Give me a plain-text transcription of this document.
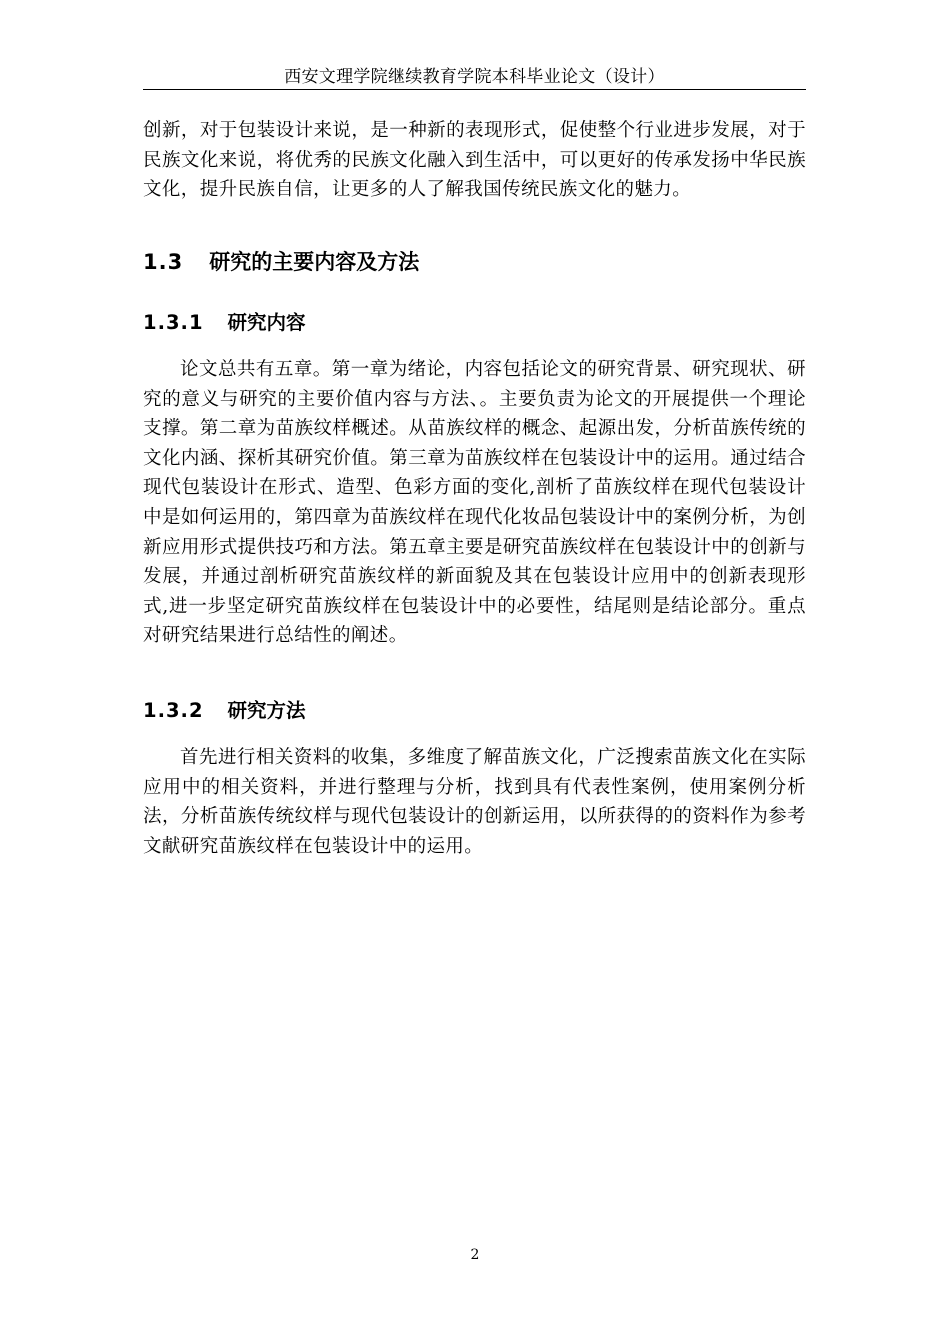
西安文理学院继续教育学院本科毕业论文（设计）

创新，对于包装设计来说，是一种新的表现形式，促使整个行业进步发展，对于民族文化来说，将优秀的民族文化融入到生活中，可以更好的传承发扬中华民族文化，提升民族自信，让更多的人了解我国传统民族文化的魅力。

1.3 研究的主要内容及方法
1.3.1 研究内容

论文总共有五章。第一章为绪论，内容包括论文的研究背景、研究现状、研究的意义与研究的主要价值内容与方法、。主要负责为论文的开展提供一个理论支撑。第二章为苗族纹样概述。从苗族纹样的概念、起源出发，分析苗族传统的文化内涵、探析其研究价值。第三章为苗族纹样在包装设计中的运用。通过结合现代包装设计在形式、造型、色彩方面的变化,剖析了苗族纹样在现代包装设计中是如何运用的，第四章为苗族纹样在现代化妆品包装设计中的案例分析，为创新应用形式提供技巧和方法。第五章主要是研究苗族纹样在包装设计中的创新与发展，并通过剖析研究苗族纹样的新面貌及其在包装设计应用中的创新表现形式,进一步坚定研究苗族纹样在包装设计中的必要性，结尾则是结论部分。重点对研究结果进行总结性的阐述。

1.3.2 研究方法

首先进行相关资料的收集，多维度了解苗族文化，广泛搜索苗族文化在实际应用中的相关资料，并进行整理与分析，找到具有代表性案例，使用案例分析法，分析苗族传统纹样与现代包装设计的创新运用，以所获得的的资料作为参考文献研究苗族纹样在包装设计中的运用。

2
